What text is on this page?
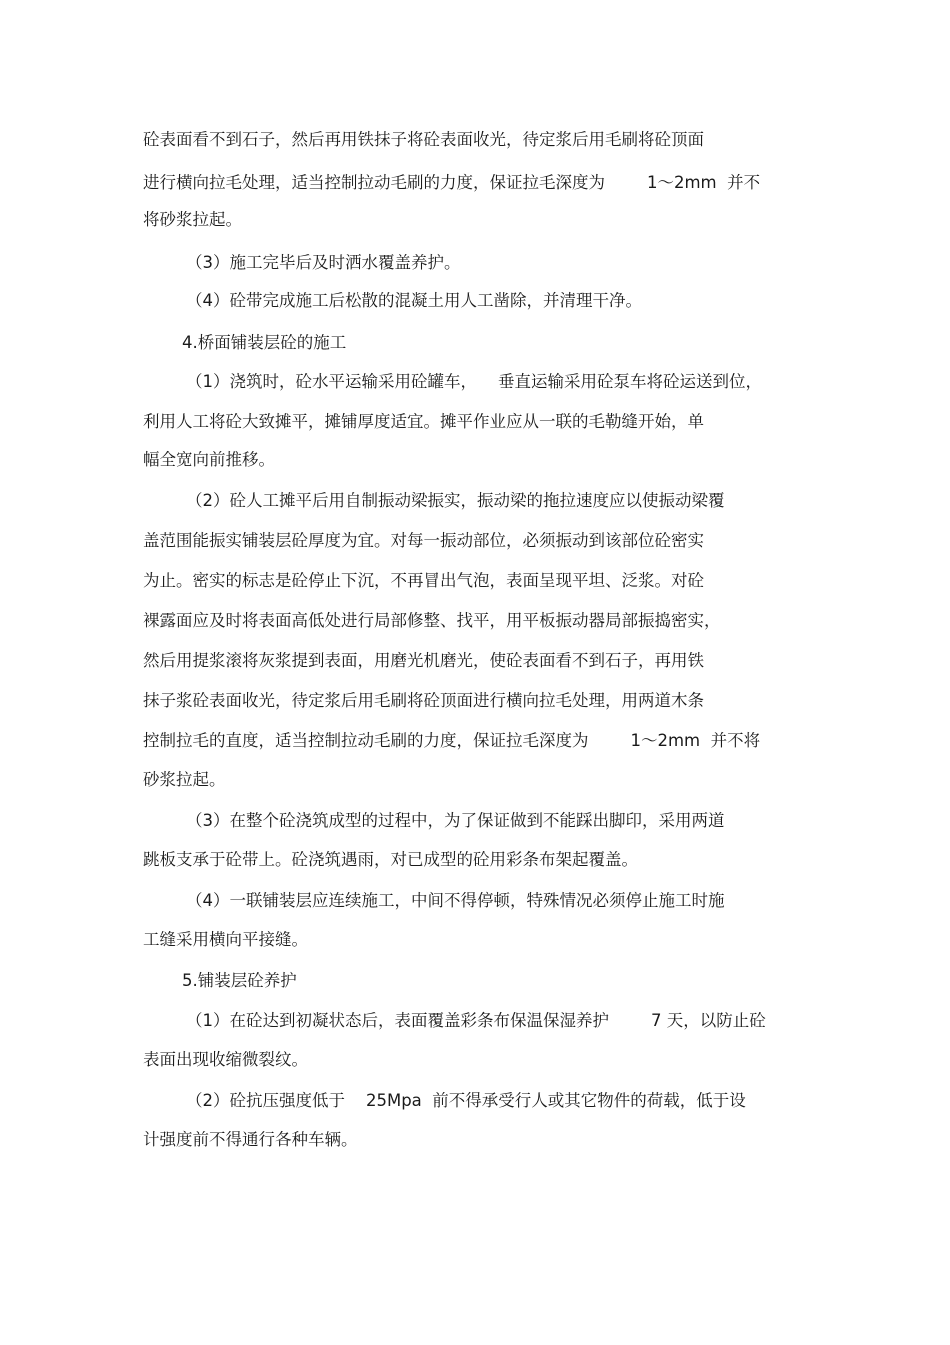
砼表面看不到石子，然后再用铁抹子将砼表面收光，待定浆后用毛刷将砼顶面
进行横向拉毛处理，适当控制拉动毛刷的力度，保证拉毛深度为        1～2mm  并不
将砂浆拉起。
（3）施工完毕后及时洒水覆盖养护。
（4）砼带完成施工后松散的混凝土用人工凿除，并清理干净。
4.桥面铺装层砼的施工
（1）浇筑时，砼水平运输采用砼罐车，    垂直运输采用砼泵车将砼运送到位，
利用人工将砼大致摊平，摊铺厚度适宜。摊平作业应从一联的毛勒缝开始，单
幅全宽向前推移。
（2）砼人工摊平后用自制振动梁振实，振动梁的拖拉速度应以使振动梁覆
盖范围能振实铺装层砼厚度为宜。对每一振动部位，必须振动到该部位砼密实
为止。密实的标志是砼停止下沉，不再冒出气泡，表面呈现平坦、泛浆。对砼
裸露面应及时将表面高低处进行局部修整、找平，用平板振动器局部振捣密实，
然后用提浆滚将灰浆提到表面，用磨光机磨光，使砼表面看不到石子，再用铁
抹子浆砼表面收光，待定浆后用毛刷将砼顶面进行横向拉毛处理，用两道木条
控制拉毛的直度，适当控制拉动毛刷的力度，保证拉毛深度为        1～2mm  并不将
砂浆拉起。
（3）在整个砼浇筑成型的过程中，为了保证做到不能踩出脚印，采用两道
跳板支承于砼带上。砼浇筑遇雨，对已成型的砼用彩条布架起覆盖。
（4）一联铺装层应连续施工，中间不得停顿，特殊情况必须停止施工时施
工缝采用横向平接缝。
5.铺装层砼养护
（1）在砼达到初凝状态后，表面覆盖彩条布保温保湿养护        7 天，以防止砼
表面出现收缩微裂纹。
（2）砼抗压强度低于    25Mpa  前不得承受行人或其它物件的荷载，低于设
计强度前不得通行各种车辆。
